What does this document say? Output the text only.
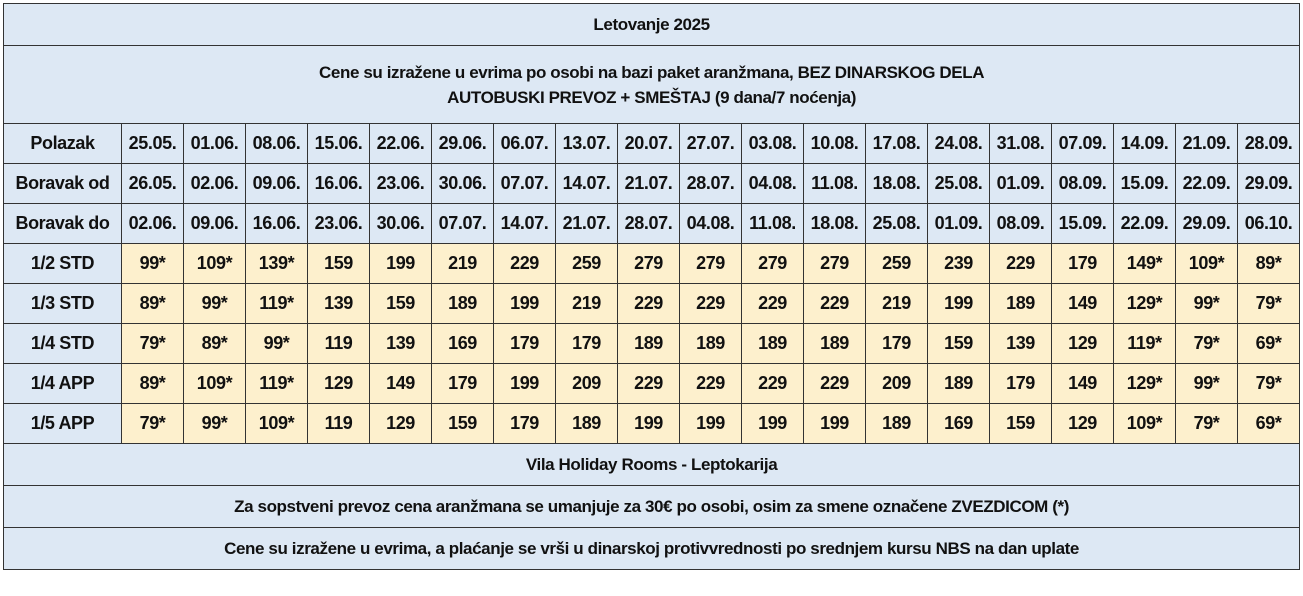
Letovanje 2025																			
Cene su izražene u evrima po osobi na bazi paket aranžmana, BEZ DINARSKOG DELA
AUTOBUSKI PREVOZ + SMEŠTAJ (9 dana/7 noćenja)																			
Polazak	25.05.	01.06.	08.06.	15.06.	22.06.	29.06.	06.07.	13.07.	20.07.	27.07.	03.08.	10.08.	17.08.	24.08.	31.08.	07.09.	14.09.	21.09.	28.09.
Boravak od	26.05.	02.06.	09.06.	16.06.	23.06.	30.06.	07.07.	14.07.	21.07.	28.07.	04.08.	11.08.	18.08.	25.08.	01.09.	08.09.	15.09.	22.09.	29.09.
Boravak do	02.06.	09.06.	16.06.	23.06.	30.06.	07.07.	14.07.	21.07.	28.07.	04.08.	11.08.	18.08.	25.08.	01.09.	08.09.	15.09.	22.09.	29.09.	06.10.
1/2 STD	99*	109*	139*	159	199	219	229	259	279	279	279	279	259	239	229	179	149*	109*	89*
1/3 STD	89*	99*	119*	139	159	189	199	219	229	229	229	229	219	199	189	149	129*	99*	79*
1/4 STD	79*	89*	99*	119	139	169	179	179	189	189	189	189	179	159	139	129	119*	79*	69*
1/4 APP	89*	109*	119*	129	149	179	199	209	229	229	229	229	209	189	179	149	129*	99*	79*
1/5 APP	79*	99*	109*	119	129	159	179	189	199	199	199	199	189	169	159	129	109*	79*	69*
Vila Holiday Rooms - Leptokarija																			
Za sopstveni prevoz cena aranžmana se umanjuje za 30€ po osobi, osim za smene označene ZVEZDICOM (*)																			
Cene su izražene u evrima, a plaćanje se vrši u dinarskoj protivvrednosti po srednjem kursu NBS na dan uplate																			
